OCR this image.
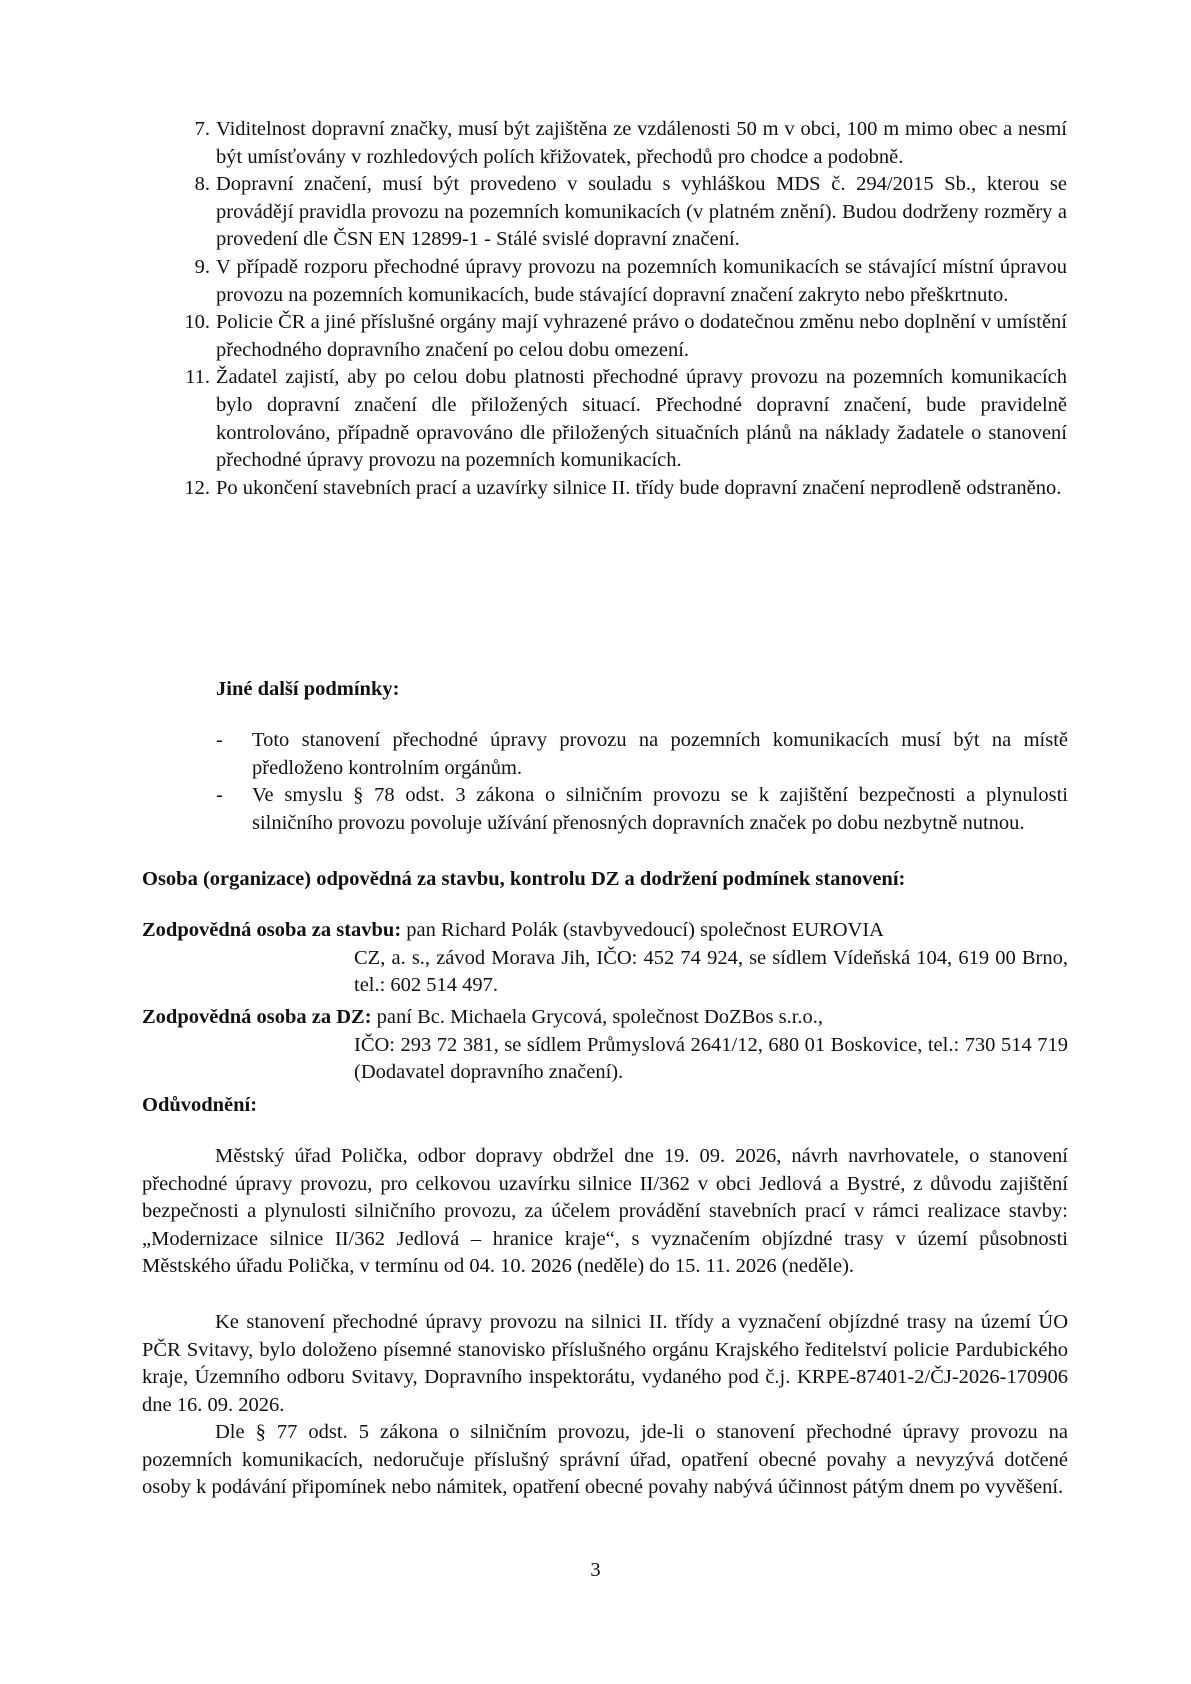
7. Viditelnost dopravní značky, musí být zajištěna ze vzdálenosti 50 m v obci, 100 m mimo obec a nesmí být umísťovány v rozhledových polích křižovatek, přechodů pro chodce a podobně.
8. Dopravní značení, musí být provedeno v souladu s vyhláškou MDS č. 294/2015 Sb., kterou se provádějí pravidla provozu na pozemních komunikacích (v platném znění). Budou dodrženy rozměry a provedení dle ČSN EN 12899-1 - Stálé svislé dopravní značení.
9. V případě rozporu přechodné úpravy provozu na pozemních komunikacích se stávající místní úpravou provozu na pozemních komunikacích, bude stávající dopravní značení zakryto nebo přeškrtnuto.
10. Policie ČR a jiné příslušné orgány mají vyhrazené právo o dodatečnou změnu nebo doplnění v umístění přechodného dopravního značení po celou dobu omezení.
11. Žadatel zajistí, aby po celou dobu platnosti přechodné úpravy provozu na pozemních komunikacích bylo dopravní značení dle přiložených situací. Přechodné dopravní značení, bude pravidelně kontrolováno, případně opravováno dle přiložených situačních plánů na náklady žadatele o stanovení přechodné úpravy provozu na pozemních komunikacích.
12. Po ukončení stavebních prací a uzavírky silnice II. třídy bude dopravní značení neprodleně odstraněno.
Jiné další podmínky:
-	Toto stanovení přechodné úpravy provozu na pozemních komunikacích musí být na místě předloženo kontrolním orgánům.
-	Ve smyslu § 78 odst. 3 zákona o silničním provozu se k zajištění bezpečnosti a plynulosti silničního provozu povoluje užívání přenosných dopravních značek po dobu nezbytně nutnou.
Osoba (organizace) odpovědná za stavbu, kontrolu DZ a dodržení podmínek stanovení:
Zodpovědná osoba za stavbu: pan Richard Polák (stavbyvedoucí) společnost EUROVIA
CZ, a. s., závod Morava Jih, IČO: 452 74 924, se sídlem Vídeňská 104, 619 00 Brno, tel.: 602 514 497.
Zodpovědná osoba za DZ: paní Bc. Michaela Grycová, společnost DoZBos s.r.o.,
IČO: 293 72 381, se sídlem Průmyslová 2641/12, 680 01 Boskovice, tel.: 730 514 719 (Dodavatel dopravního značení).
Odůvodnění:
Městský úřad Polička, odbor dopravy obdržel dne 19. 09. 2026, návrh navrhovatele, o stanovení přechodné úpravy provozu, pro celkovou uzavírku silnice II/362 v obci Jedlová a Bystré, z důvodu zajištění bezpečnosti a plynulosti silničního provozu, za účelem provádění stavebních prací v rámci realizace stavby: „Modernizace silnice II/362 Jedlová – hranice kraje“, s vyznačením objízdné trasy v území působnosti Městského úřadu Polička, v termínu od 04. 10. 2026 (neděle) do 15. 11. 2026 (neděle).
Ke stanovení přechodné úpravy provozu na silnici II. třídy a vyznačení objízdné trasy na území ÚO PČR Svitavy, bylo doloženo písemné stanovisko příslušného orgánu Krajského ředitelství policie Pardubického kraje, Územního odboru Svitavy, Dopravního inspektorátu, vydaného pod č.j. KRPE-87401-2/ČJ-2026-170906 dne 16. 09. 2026.
Dle § 77 odst. 5 zákona o silničním provozu, jde-li o stanovení přechodné úpravy provozu na pozemních komunikacích, nedoručuje příslušný správní úřad, opatření obecné povahy a nevyzývá dotčené osoby k podávání připomínek nebo námitek, opatření obecné povahy nabývá účinnost pátým dnem po vyvěšení.
3
